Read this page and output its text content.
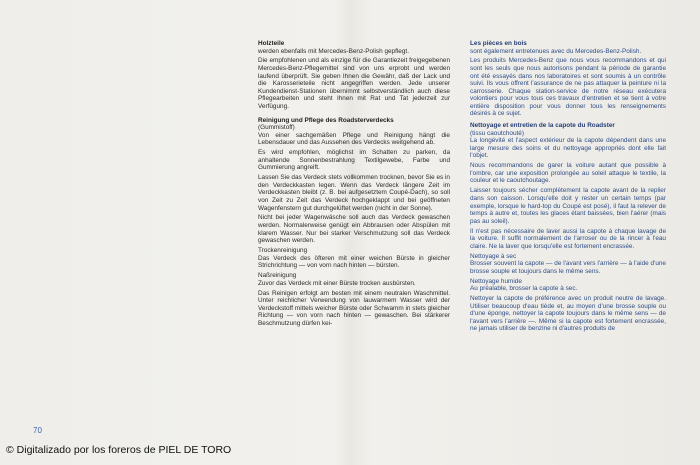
Holzteile

werden ebenfalls mit Mercedes-Benz-Polish gepflegt.

Die empfohlenen und als einzige für die Garantiezeit freigegebenen Mercedes-Benz-Pflegemittel sind von uns erprobt und werden laufend überprüft. Sie geben Ihnen die Gewähr, daß der Lack und die Karosserieteile nicht angegriffen werden. Jede unserer Kundendienst-Stationen übernimmt selbstverständlich auch diese Pflegearbeiten und steht Ihnen mit Rat und Tat jederzeit zur Verfügung.

Reinigung und Pflege des Roadsterverdecks
(Gummistoff)

Von einer sachgemäßen Pflege und Reinigung hängt die Lebensdauer und das Aussehen des Verdecks weitgehend ab.

Es wird empfohlen, möglichst im Schatten zu parken, da anhaltende Sonnenbestrahlung Textilgewebe, Farbe und Gummierung angreift.

Lassen Sie das Verdeck stets vollkommen trocknen, bevor Sie es in den Verdeckkasten legen. Wenn das Verdeck längere Zeit im Verdeckkasten bleibt (z. B. bei aufgesetztem Coupé-Dach), so soll von Zeit zu Zeit das Verdeck hochgeklappt und bei geöffneten Wagenfenstern gut durchgelüftet werden (nicht in der Sonne).

Nicht bei jeder Wagenwäsche soll auch das Verdeck gewaschen werden. Normalerweise genügt ein Abbrausen oder Abspülen mit klarem Wasser. Nur bei starker Verschmutzung soll das Verdeck gewaschen werden.

Trockenreinigung

Das Verdeck des öfteren mit einer weichen Bürste in gleicher Strichrichtung — von vorn nach hinten — bürsten.

Naßreinigung

Zuvor das Verdeck mit einer Bürste trocken ausbürsten.

Das Reinigen erfolgt am besten mit einem neutralen Waschmittel. Unter reichlicher Verwendung von lauwarmem Wasser wird der Verdeckstoff mittels weicher Bürste oder Schwamm in stets gleicher Richtung — von vorn nach hinten — gewaschen. Bei stärkerer Beschmutzung dürfen kei-

Les pièces en bois

sont également entretenues avec du Mercedes-Benz-Polish.

Les produits Mercedes-Benz que nous vous recommandons et qui sont les seuls que nous autorisons pendant la période de garantie ont été essayés dans nos laboratoires et sont soumis à un contrôle suivi. Ils vous offrent l'assurance de ne pas attaquer la peinture ni la carrosserie. Chaque station-service de notre réseau exécutera volontiers pour vous tous ces travaux d'entretien et se tient à votre entière disposition pour vous donner tous les renseignements désirés à ce sujet.

Nettoyage et entretien de la capote du Roadster
(tissu caoutchouté)

La longévité et l'aspect extérieur de la capote dépendent dans une large mesure des soins et du nettoyage appropriés dont elle fait l'objet.

Nous recommandons de garer la voiture autant que possible à l'ombre, car une exposition prolongée au soleil attaque le textile, la couleur et le caoutchoutage.

Laisser toujours sécher complètement la capote avant de la replier dans son caisson. Lorsqu'elle doit y rester un certain temps (par exemple, lorsque le hard-top du Coupé est posé), il faut la relever de temps à autre et, toutes les glaces étant baissées, bien l'aérer (mais pas au soleil).

Il n'est pas nécessaire de laver aussi la capote à chaque lavage de la voiture. Il suffit normalement de l'arroser ou de la rincer à l'eau claire. Ne la laver que lorsqu'elle est fortement encrassée.

Nettoyage à sec

Brosser souvent la capote — de l'avant vers l'arrière — à l'aide d'une brosse souple et toujours dans le même sens.

Nettoyage humide

Au préalable, brosser la capote à sec.

Nettoyer la capote de préférence avec un produit neutre de lavage. Utiliser beaucoup d'eau tiède et, au moyen d'une brosse souple ou d'une éponge, nettoyer la capote toujours dans le même sens — de l'avant vers l'arrière —. Même si la capote est fortement encrassée, ne jamais utiliser de benzine ni d'autres produits de

70
© Digitalizado por los foreros de PIEL DE TORO
